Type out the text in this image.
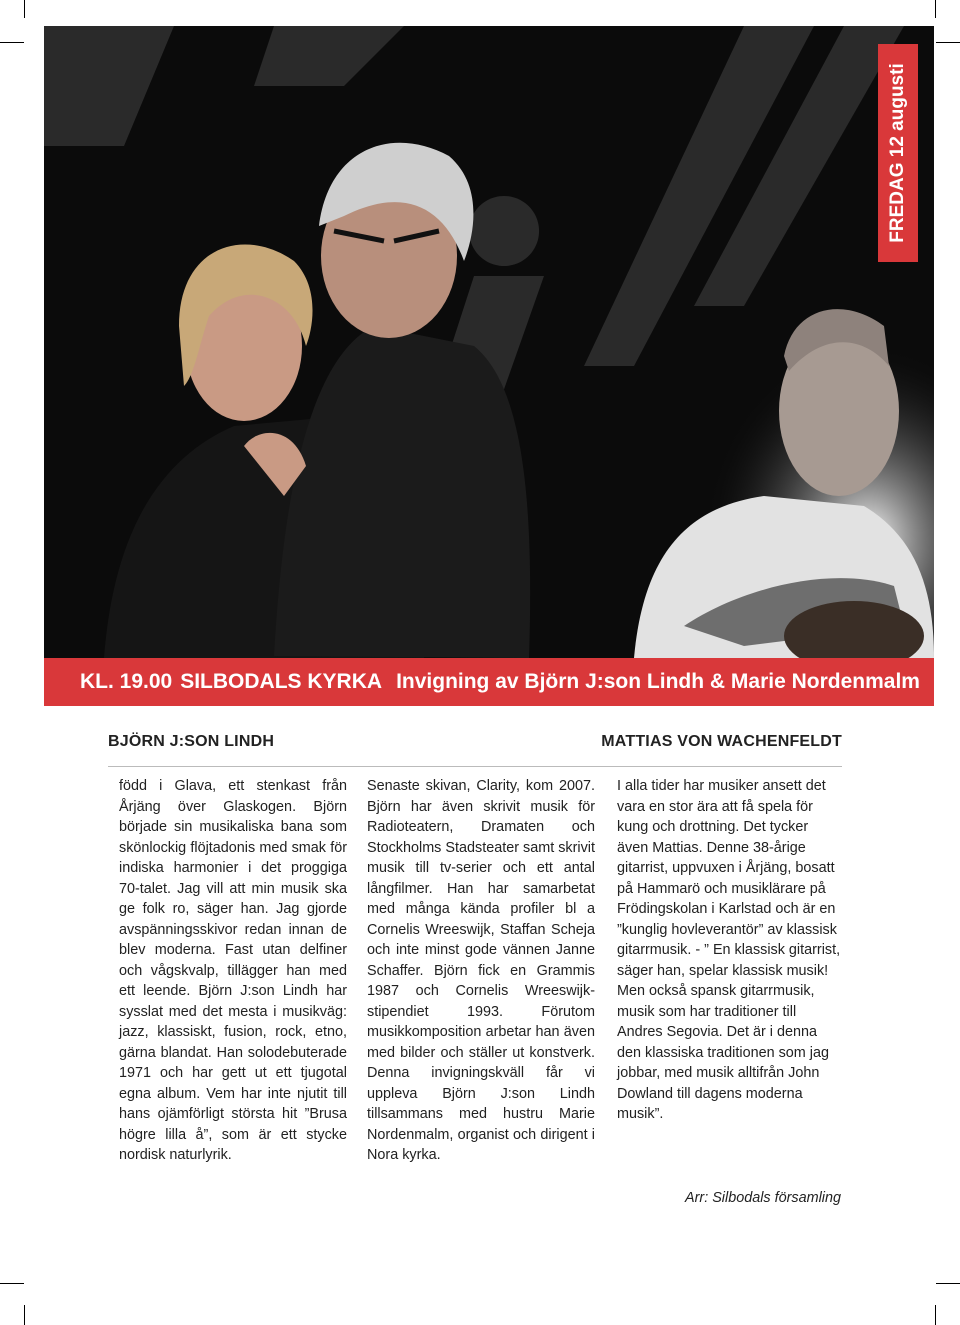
FREDAG 12 augusti
KL. 19.00 SILBODALS KYRKA Invigning av Björn J:son Lindh & Marie Nordenmalm
BJÖRN J:SON LINDH	MATTIAS VON WACHENFELDT

född i Glava, ett stenkast från Årjäng över Glaskogen. Björn började sin musikaliska bana som skönlockig flöjtadonis med smak för indiska harmonier i det proggiga 70-talet. Jag vill att min musik ska ge folk ro, säger han. Jag gjorde avspänningsskivor redan innan de blev moderna. Fast utan delfiner och vågskvalp, tillägger han med ett leende. Björn J:son Lindh har sysslat med det mesta i musikväg: jazz, klassiskt, fusion, rock, etno, gärna blandat. Han solodebuterade 1971 och har gett ut ett tjugotal egna album. Vem har inte njutit till hans ojämförligt största hit ”Brusa högre lilla å”, som är ett stycke nordisk naturlyrik.

Senaste skivan, Clarity, kom 2007. Björn har även skrivit musik för Radioteatern, Dramaten och Stockholms Stadsteater samt skrivit musik till tv-serier och ett antal långfilmer. Han har samarbetat med många kända profiler bl a Cornelis Wreeswijk, Staffan Scheja och inte minst gode vännen Janne Schaffer. Björn fick en Grammis 1987 och Cornelis Wreeswijk-stipendiet 1993. Förutom musikkomposition arbetar han även med bilder och ställer ut konstverk. Denna invigningskväll får vi uppleva Björn J:son Lindh tillsammans med hustru Marie Nordenmalm, organist och dirigent i Nora kyrka.

I alla tider har musiker ansett det vara en stor ära att få spela för kung och drottning. Det tycker även Mattias. Denne 38-årige gitarrist, uppvuxen i Årjäng, bosatt på Hammarö och musiklärare på Frödingskolan i Karlstad och är en ”kunglig hovleverantör” av klassisk gitarrmusik. - ” En klassisk gitarrist, säger han, spelar klassisk musik! Men också spansk gitarrmusik, musik som har traditioner till Andres Segovia. Det är i denna den klassiska traditionen som jag jobbar, med musik alltifrån John Dowland till dagens moderna musik”.

Arr: Silbodals församling
